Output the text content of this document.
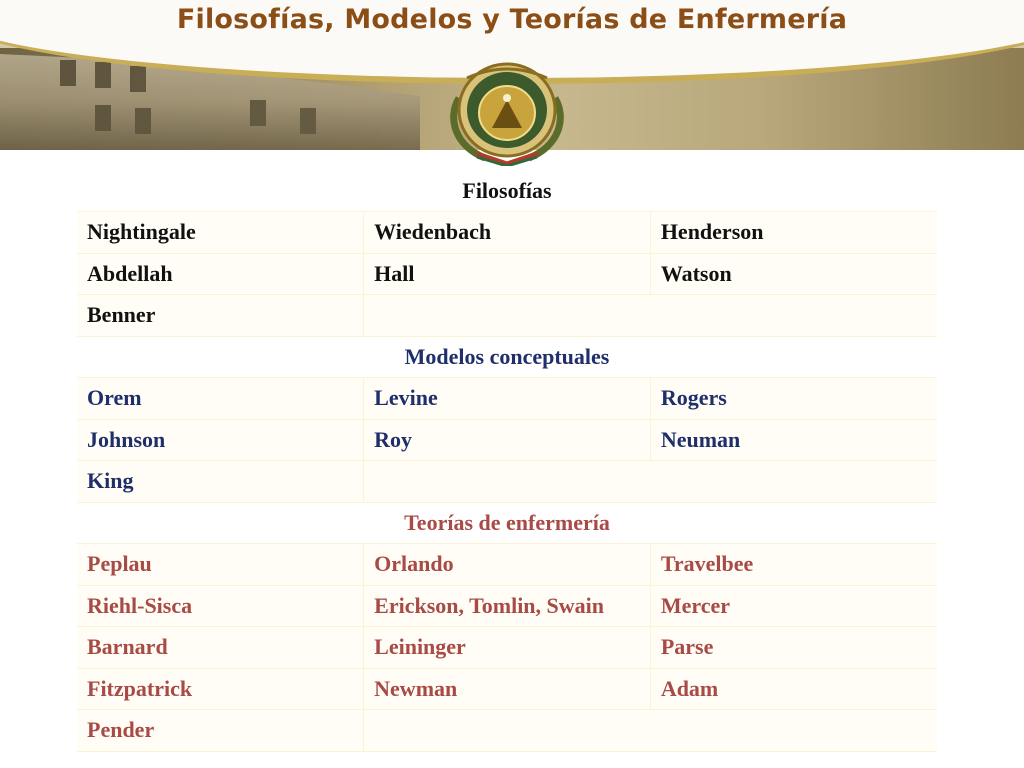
Filosofías, Modelos y Teorías de Enfermería
Filosofías		
Nightingale	Wiedenbach	Henderson
Abdellah	Hall	Watson
Benner		
Modelos conceptuales		
Orem	Levine	Rogers
Johnson	Roy	Neuman
King		
Teorías de enfermería		
Peplau	Orlando	Travelbee
Riehl-Sisca	Erickson, Tomlin, Swain	Mercer
Barnard	Leininger	Parse
Fitzpatrick	Newman	Adam
Pender		
